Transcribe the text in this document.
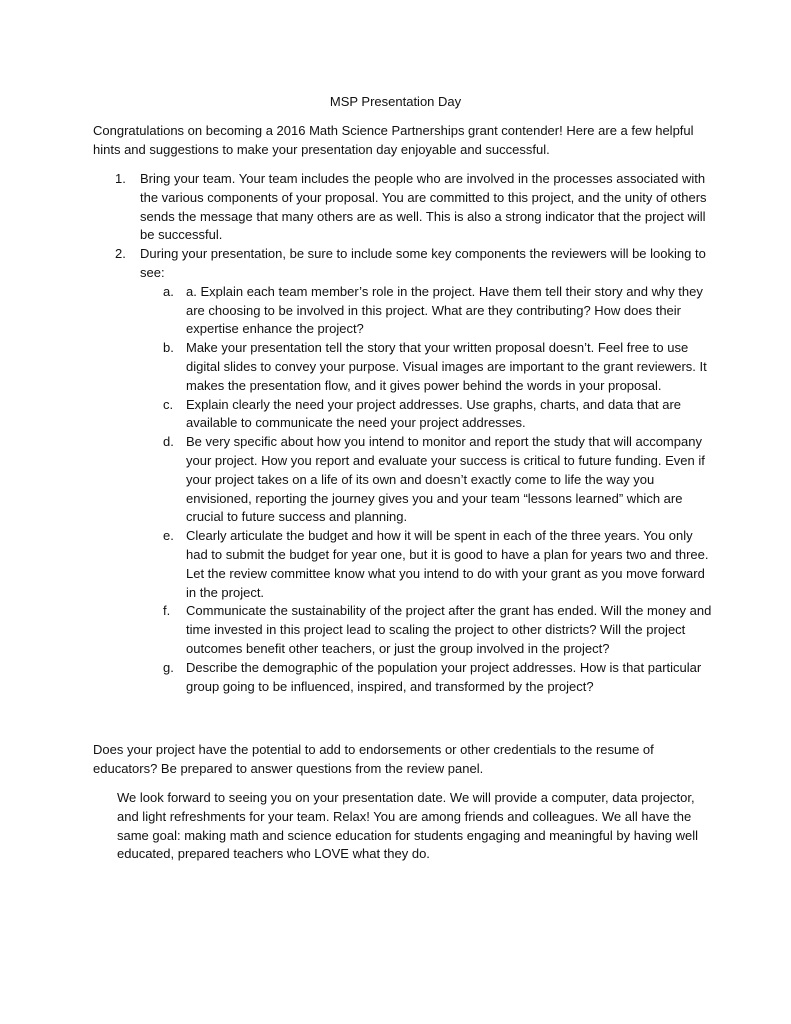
MSP Presentation Day
Congratulations on becoming a 2016 Math Science Partnerships grant contender! Here are a few helpful hints and suggestions to make your presentation day enjoyable and successful.
1. Bring your team. Your team includes the people who are involved in the processes associated with the various components of your proposal. You are committed to this project, and the unity of others sends the message that many others are as well. This is also a strong indicator that the project will be successful.
2. During your presentation, be sure to include some key components the reviewers will be looking to see:
a. a. Explain each team member’s role in the project. Have them tell their story and why they are choosing to be involved in this project. What are they contributing? How does their expertise enhance the project?
b. Make your presentation tell the story that your written proposal doesn’t. Feel free to use digital slides to convey your purpose. Visual images are important to the grant reviewers. It makes the presentation flow, and it gives power behind the words in your proposal.
c. Explain clearly the need your project addresses. Use graphs, charts, and data that are available to communicate the need your project addresses.
d. Be very specific about how you intend to monitor and report the study that will accompany your project. How you report and evaluate your success is critical to future funding. Even if your project takes on a life of its own and doesn’t exactly come to life the way you envisioned, reporting the journey gives you and your team “lessons learned” which are crucial to future success and planning.
e. Clearly articulate the budget and how it will be spent in each of the three years. You only had to submit the budget for year one, but it is good to have a plan for years two and three. Let the review committee know what you intend to do with your grant as you move forward in the project.
f. Communicate the sustainability of the project after the grant has ended. Will the money and time invested in this project lead to scaling the project to other districts? Will the project outcomes benefit other teachers, or just the group involved in the project?
g. Describe the demographic of the population your project addresses. How is that particular group going to be influenced, inspired, and transformed by the project?
Does your project have the potential to add to endorsements or other credentials to the resume of educators? Be prepared to answer questions from the review panel.
We look forward to seeing you on your presentation date. We will provide a computer, data projector, and light refreshments for your team. Relax! You are among friends and colleagues. We all have the same goal: making math and science education for students engaging and meaningful by having well educated, prepared teachers who LOVE what they do.
